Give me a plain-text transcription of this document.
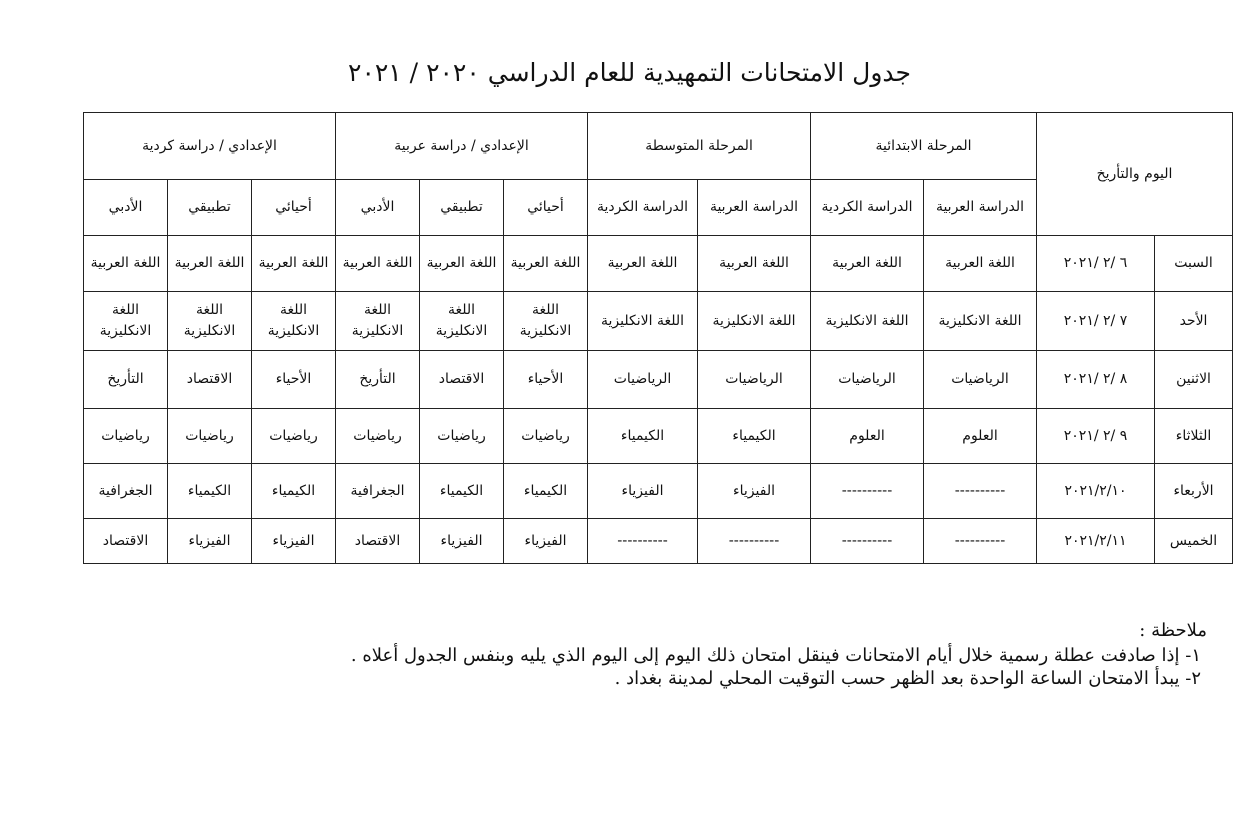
جدول الامتحانات التمهيدية للعام الدراسي ٢٠٢٠ / ٢٠٢١
اليوم والتأريخ		المرحلة الابتدائية		المرحلة المتوسطة		الإعدادي / دراسة عربية			الإعدادي / دراسة كردية		
		الدراسة العربية	الدراسة الكردية	الدراسة العربية	الدراسة الكردية	أحيائي	تطبيقي	الأدبي	أحيائي	تطبيقي	الأدبي
السبت	٦ /٢ /٢٠٢١	اللغة العربية	اللغة العربية	اللغة العربية	اللغة العربية	اللغة العربية	اللغة العربية	اللغة العربية	اللغة العربية	اللغة العربية	اللغة العربية
الأحد	٧ /٢ /٢٠٢١	اللغة الانكليزية	اللغة الانكليزية	اللغة الانكليزية	اللغة الانكليزية	اللغة الانكليزية	اللغة الانكليزية	اللغة الانكليزية	اللغة الانكليزية	اللغة الانكليزية	اللغة الانكليزية
الاثنين	٨ /٢ /٢٠٢١	الرياضيات	الرياضيات	الرياضيات	الرياضيات	الأحياء	الاقتصاد	التأريخ	الأحياء	الاقتصاد	التأريخ
الثلاثاء	٩ /٢ /٢٠٢١	العلوم	العلوم	الكيمياء	الكيمياء	رياضيات	رياضيات	رياضيات	رياضيات	رياضيات	رياضيات
الأربعاء	٢٠٢١/٢/١٠	----------	----------	الفيزياء	الفيزياء	الكيمياء	الكيمياء	الجغرافية	الكيمياء	الكيمياء	الجغرافية
الخميس	٢٠٢١/٢/١١	----------	----------	----------	----------	الفيزياء	الفيزياء	الاقتصاد	الفيزياء	الفيزياء	الاقتصاد
ملاحظة :
١- إذا صادفت عطلة رسمية خلال أيام الامتحانات فينقل امتحان ذلك اليوم إلى اليوم الذي يليه وبنفس الجدول أعلاه .
٢- يبدأ الامتحان الساعة الواحدة بعد الظهر حسب التوقيت المحلي لمدينة بغداد .
